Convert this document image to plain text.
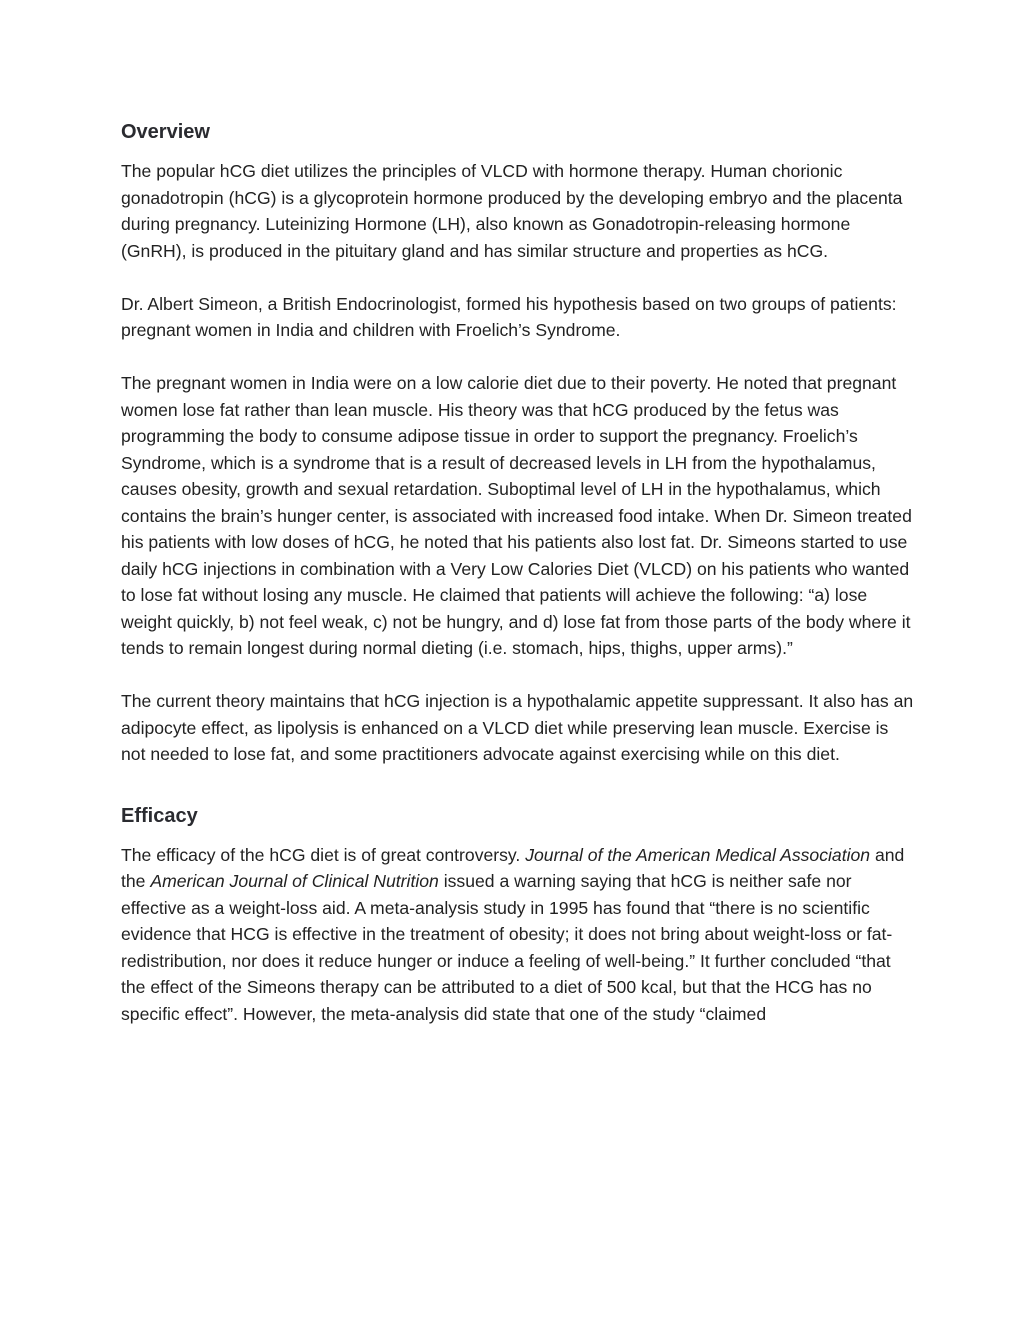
Overview

The popular hCG diet utilizes the principles of VLCD with hormone therapy. Human chorionic gonadotropin (hCG) is a glycoprotein hormone produced by the developing embryo and the placenta during pregnancy. Luteinizing Hormone (LH), also known as Gonadotropin-releasing hormone (GnRH), is produced in the pituitary gland and has similar structure and properties as hCG.

Dr. Albert Simeon, a British Endocrinologist, formed his hypothesis based on two groups of patients: pregnant women in India and children with Froelich’s Syndrome.

The pregnant women in India were on a low calorie diet due to their poverty. He noted that pregnant women lose fat rather than lean muscle. His theory was that hCG produced by the fetus was programming the body to consume adipose tissue in order to support the pregnancy. Froelich’s Syndrome, which is a syndrome that is a result of decreased levels in LH from the hypothalamus, causes obesity, growth and sexual retardation. Suboptimal level of LH in the hypothalamus, which contains the brain’s hunger center, is associated with increased food intake. When Dr. Simeon treated his patients with low doses of hCG, he noted that his patients also lost fat. Dr. Simeons started to use daily hCG injections in combination with a Very Low Calories Diet (VLCD) on his patients who wanted to lose fat without losing any muscle. He claimed that patients will achieve the following: “a) lose weight quickly, b) not feel weak, c) not be hungry, and d) lose fat from those parts of the body where it tends to remain longest during normal dieting (i.e. stomach, hips, thighs, upper arms).”

The current theory maintains that hCG injection is a hypothalamic appetite suppressant. It also has an adipocyte effect, as lipolysis is enhanced on a VLCD diet while preserving lean muscle. Exercise is not needed to lose fat, and some practitioners advocate against exercising while on this diet.

Efficacy

The efficacy of the hCG diet is of great controversy. Journal of the American Medical Association and the American Journal of Clinical Nutrition issued a warning saying that hCG is neither safe nor effective as a weight-loss aid. A meta-analysis study in 1995 has found that “there is no scientific evidence that HCG is effective in the treatment of obesity; it does not bring about weight-loss or fat-redistribution, nor does it reduce hunger or induce a feeling of well-being.” It further concluded “that the effect of the Simeons therapy can be attributed to a diet of 500 kcal, but that the HCG has no specific effect”. However, the meta-analysis did state that one of the study “claimed
